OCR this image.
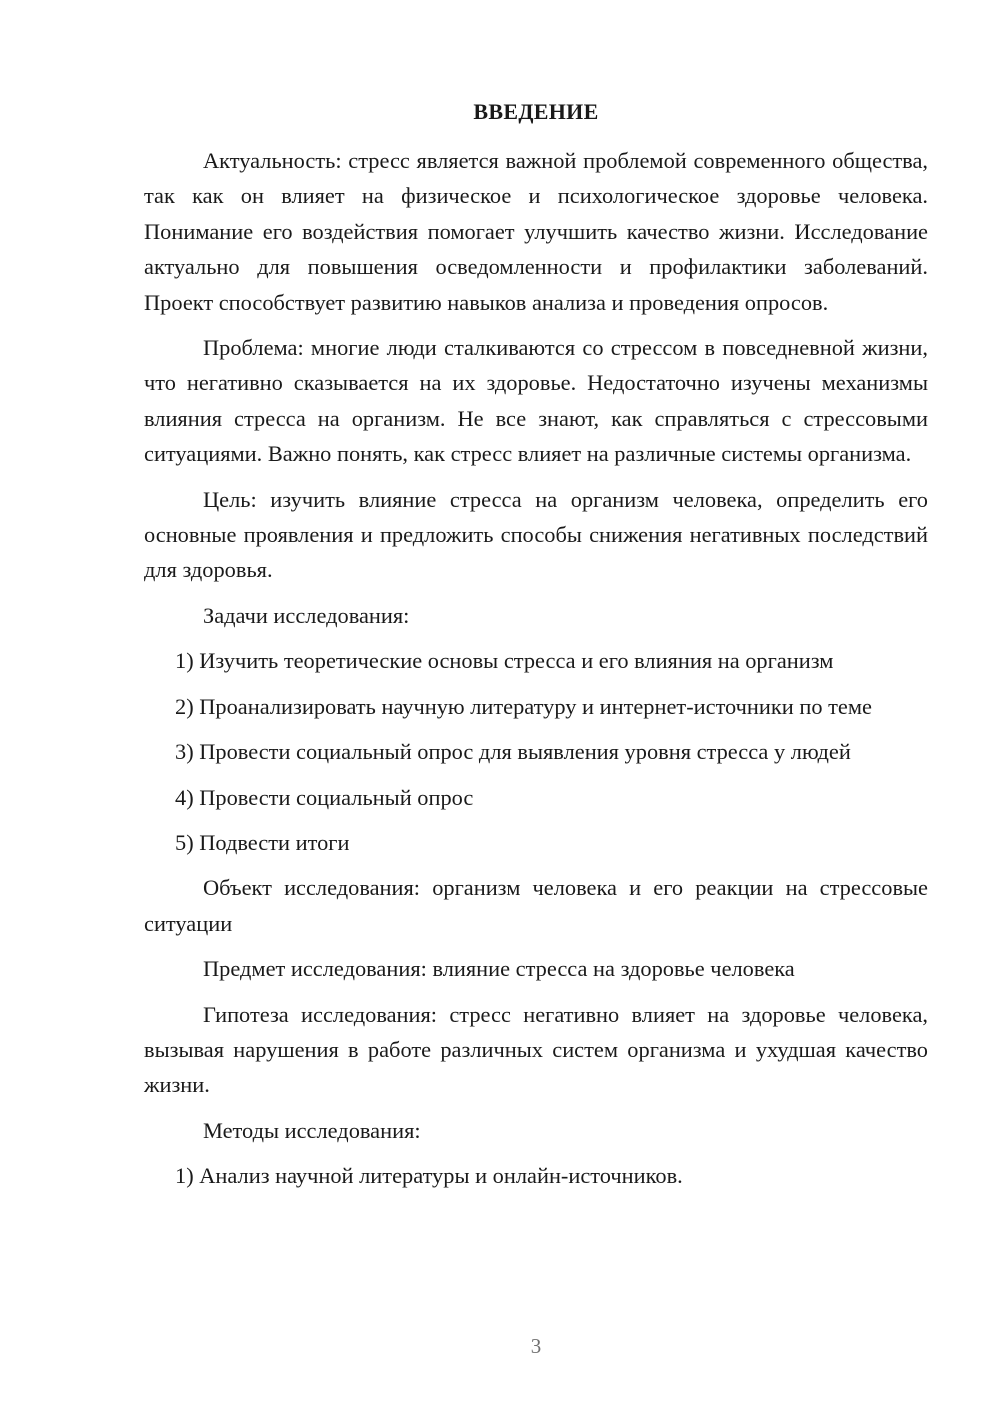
ВВЕДЕНИЕ

Актуальность: стресс является важной проблемой современного общества, так как он влияет на физическое и психологическое здоровье человека. Понимание его воздействия помогает улучшить качество жизни. Исследование актуально для повышения осведомленности и профилактики заболеваний. Проект способствует развитию навыков анализа и проведения опросов.

Проблема: многие люди сталкиваются со стрессом в повседневной жизни, что негативно сказывается на их здоровье. Недостаточно изучены механизмы влияния стресса на организм. Не все знают, как справляться с стрессовыми ситуациями. Важно понять, как стресс влияет на различные системы организма.

Цель: изучить влияние стресса на организм человека, определить его основные проявления и предложить способы снижения негативных последствий для здоровья.

Задачи исследования:

1) Изучить теоретические основы стресса и его влияния на организм

2) Проанализировать научную литературу и интернет-источники по теме

3) Провести социальный опрос для выявления уровня стресса у людей

4) Провести социальный опрос

5) Подвести итоги

Объект исследования: организм человека и его реакции на стрессовые ситуации

Предмет исследования: влияние стресса на здоровье человека

Гипотеза исследования: стресс негативно влияет на здоровье человека, вызывая нарушения в работе различных систем организма и ухудшая качество жизни.

Методы исследования:

1) Анализ научной литературы и онлайн-источников.

3
